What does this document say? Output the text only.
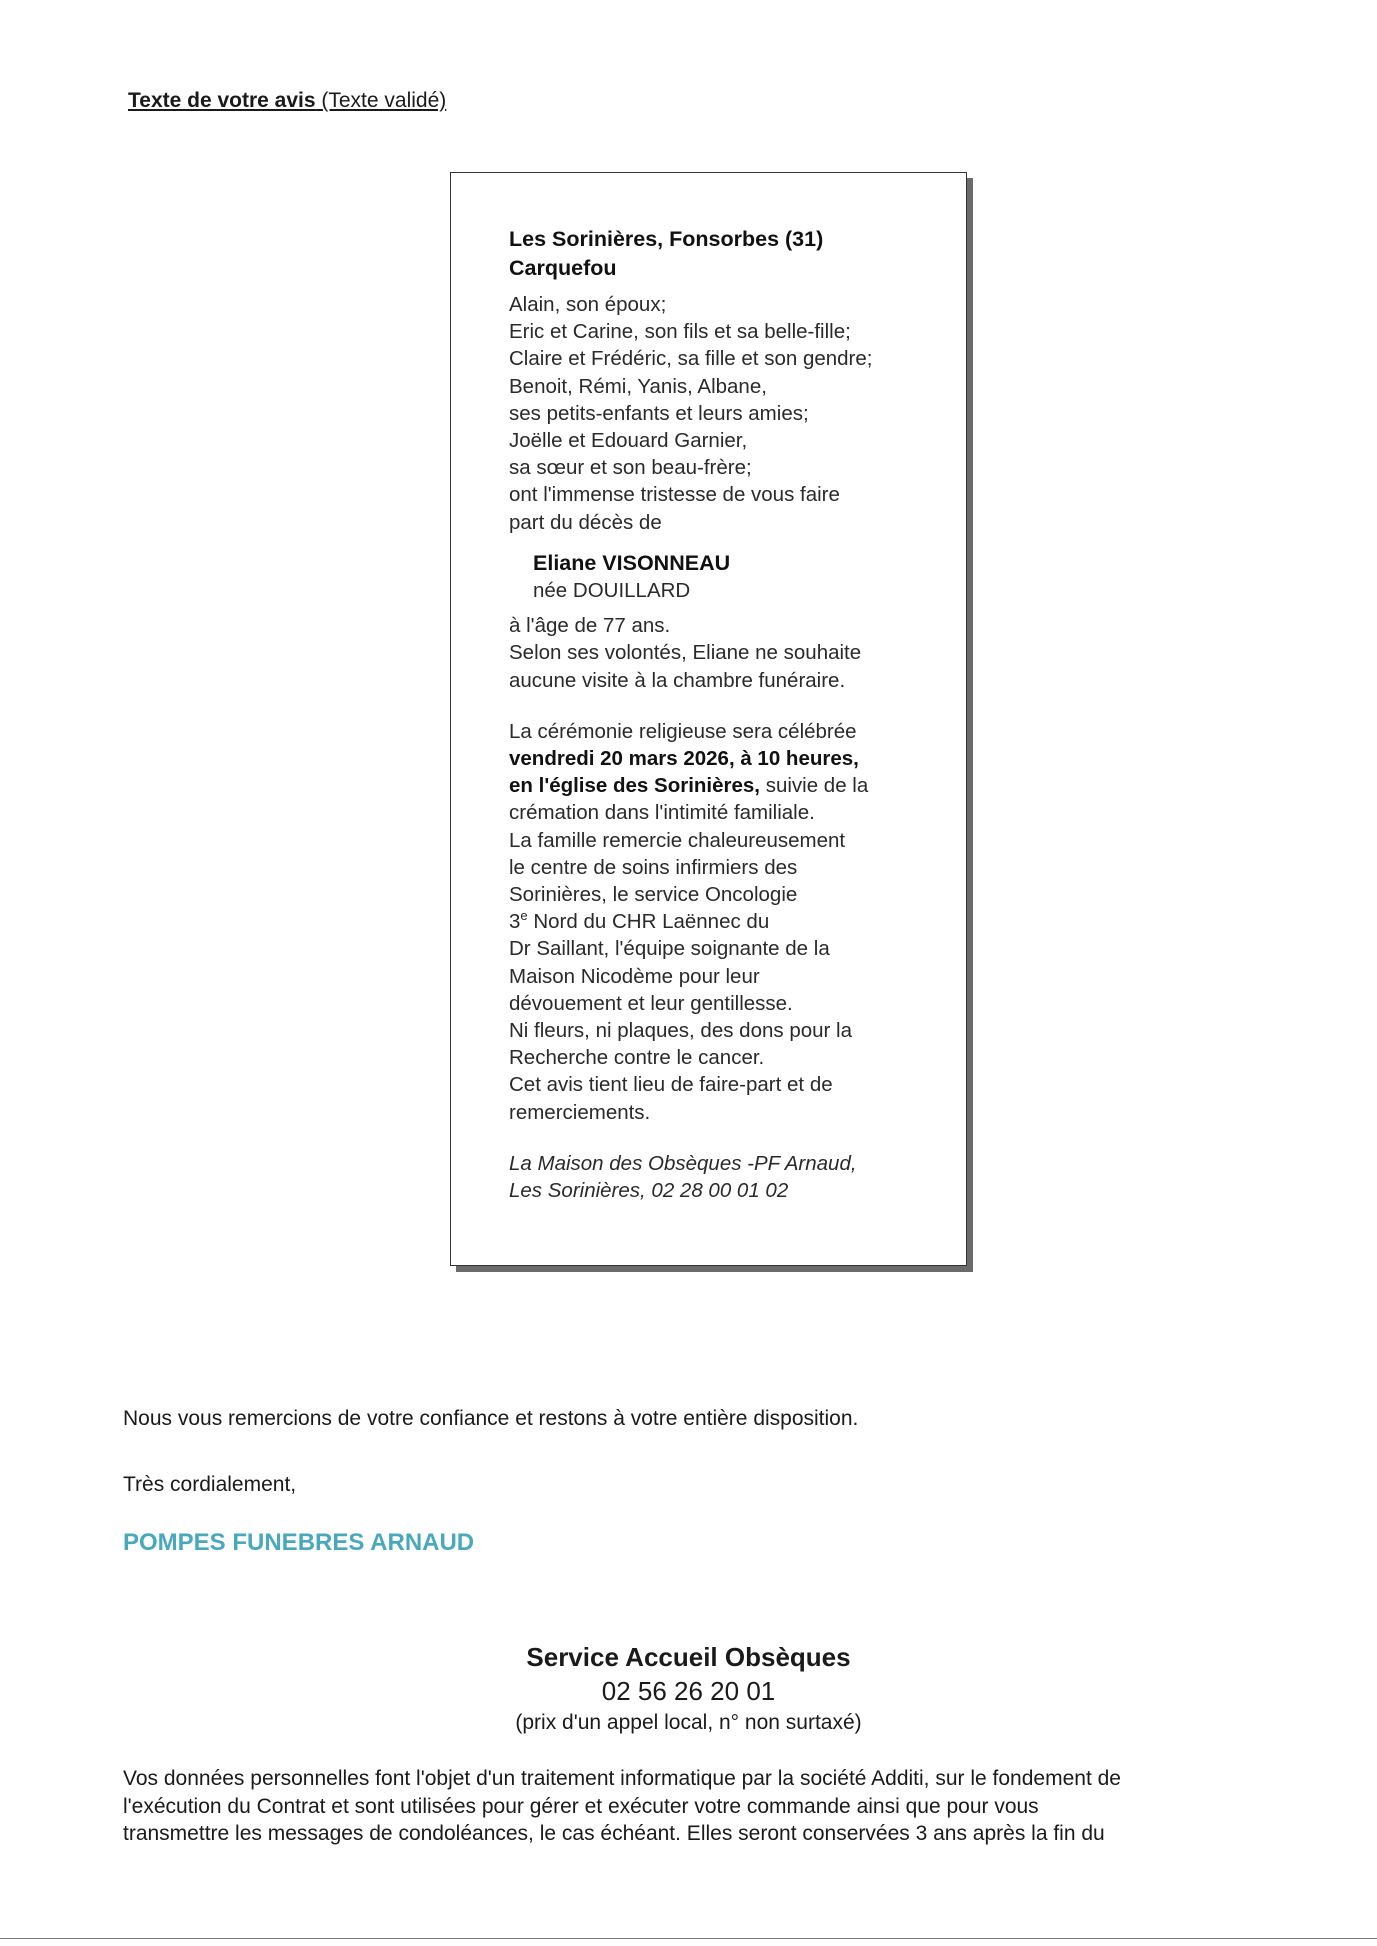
Texte de votre avis (Texte validé)
Les Sorinières, Fonsorbes (31)
Carquefou
Alain, son époux;
Eric et Carine, son fils et sa belle-fille;
Claire et Frédéric, sa fille et son gendre;
Benoit, Rémi, Yanis, Albane,
ses petits-enfants et leurs amies;
Joëlle et Edouard Garnier,
sa sœur et son beau-frère;
ont l'immense tristesse de vous faire
part du décès de
Eliane VISONNEAU
née DOUILLARD
à l'âge de 77 ans.
Selon ses volontés, Eliane ne souhaite
aucune visite à la chambre funéraire.
La cérémonie religieuse sera célébrée
vendredi 20 mars 2026, à 10 heures,
en l'église des Sorinières, suivie de la
crémation dans l'intimité familiale.
La famille remercie chaleureusement
le centre de soins infirmiers des
Sorinières, le service Oncologie
3e Nord du CHR Laënnec du
Dr Saillant, l'équipe soignante de la
Maison Nicodème pour leur
dévouement et leur gentillesse.
Ni fleurs, ni plaques, des dons pour la
Recherche contre le cancer.
Cet avis tient lieu de faire-part et de
remerciements.
La Maison des Obsèques -PF Arnaud,
Les Sorinières, 02 28 00 01 02
Nous vous remercions de votre confiance et restons à votre entière disposition.
Très cordialement,
POMPES FUNEBRES ARNAUD
Service Accueil Obsèques
02 56 26 20 01
(prix d'un appel local, n° non surtaxé)
Vos données personnelles font l'objet d'un traitement informatique par la société Additi, sur le fondement de
l'exécution du Contrat et sont utilisées pour gérer et exécuter votre commande ainsi que pour vous
transmettre les messages de condoléances, le cas échéant. Elles seront conservées 3 ans après la fin du
